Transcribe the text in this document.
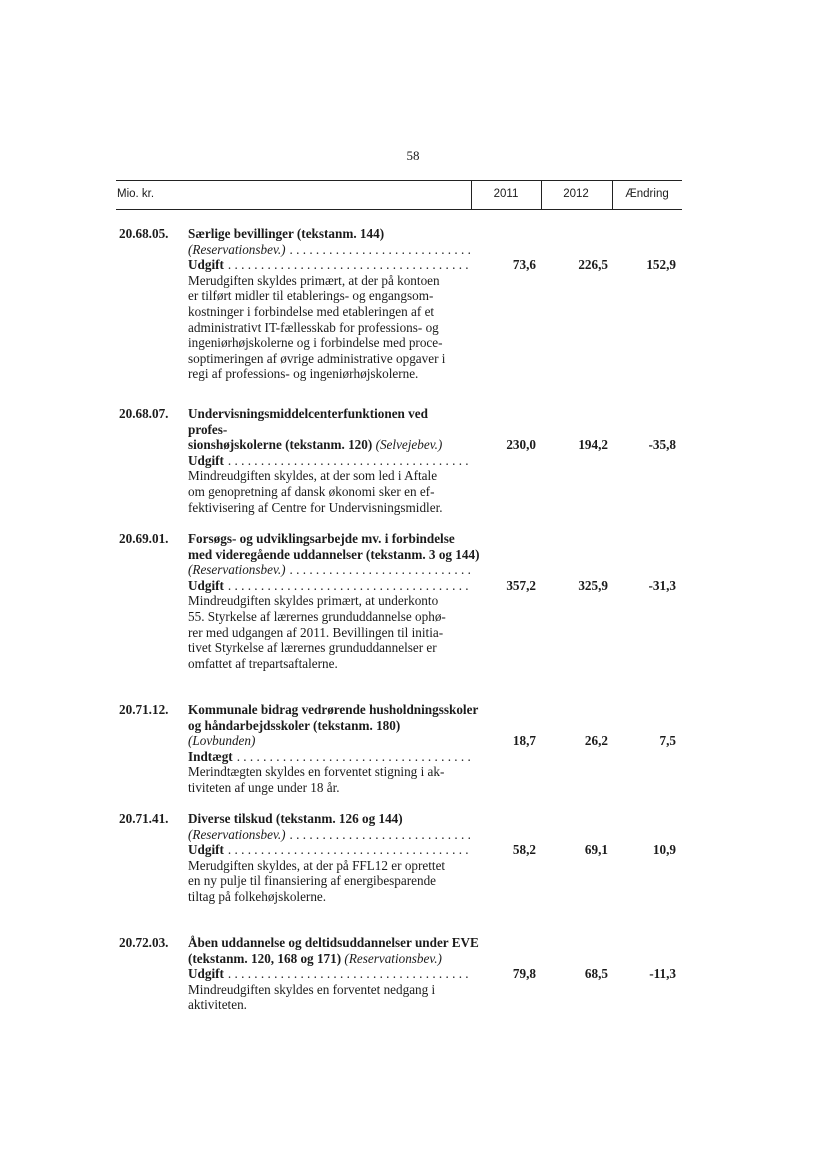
58
Mio. kr.	2011	2012	Ændring
20.68.05. Særlige bevillinger (tekstanm. 144)
(Reservationsbev.)
. . .
Udgift
. . .
Merudgiften skyldes primært, at der på kontoen
er tilført midler til etablerings- og engangsom-
kostninger i forbindelse med etableringen af et
administrativt IT-fællesskab for professions- og
ingeniørhøjskolerne og i forbindelse med proce-
soptimeringen af øvrige administrative opgaver i
regi af professions- og ingeniørhøjskolerne.
73,6	226,5	152,9
20.68.07. Undervisningsmiddelcenterfunktionen ved profes-
sionshøjskolerne (tekstanm. 120) (Selvejebev.)
Udgift
. . .
Mindreudgiften skyldes, at der som led i Aftale
om genopretning af dansk økonomi sker en ef-
fektivisering af Centre for Undervisningsmidler.
230,0	194,2	-35,8
20.69.01. Forsøgs- og udviklingsarbejde mv. i forbindelse
med videregående uddannelser (tekstanm. 3 og 144)
(Reservationsbev.)
. . .
Udgift
. . .
Mindreudgiften skyldes primært, at underkonto
55. Styrkelse af lærernes grunduddannelse ophø-
rer med udgangen af 2011. Bevillingen til initia-
tivet Styrkelse af lærernes grunduddannelser er
omfattet af trepartsaftalerne.
357,2	325,9	-31,3
20.71.12. Kommunale bidrag vedrørende husholdningsskoler
og håndarbejdsskoler (tekstanm. 180) (Lovbunden)
Indtægt
. . .
Merindtægten skyldes en forventet stigning i ak-
tiviteten af unge under 18 år.
18,7	26,2	7,5
20.71.41. Diverse tilskud (tekstanm. 126 og 144)
(Reservationsbev.)
. . .
Udgift
. . .
Merudgiften skyldes, at der på FFL12 er oprettet
en ny pulje til finansiering af energibesparende
tiltag på folkehøjskolerne.
58,2	69,1	10,9
20.72.03. Åben uddannelse og deltidsuddannelser under EVE
(tekstanm. 120, 168 og 171) (Reservationsbev.)
Udgift
. . .
Mindreudgiften skyldes en forventet nedgang i
aktiviteten.
79,8	68,5	-11,3
